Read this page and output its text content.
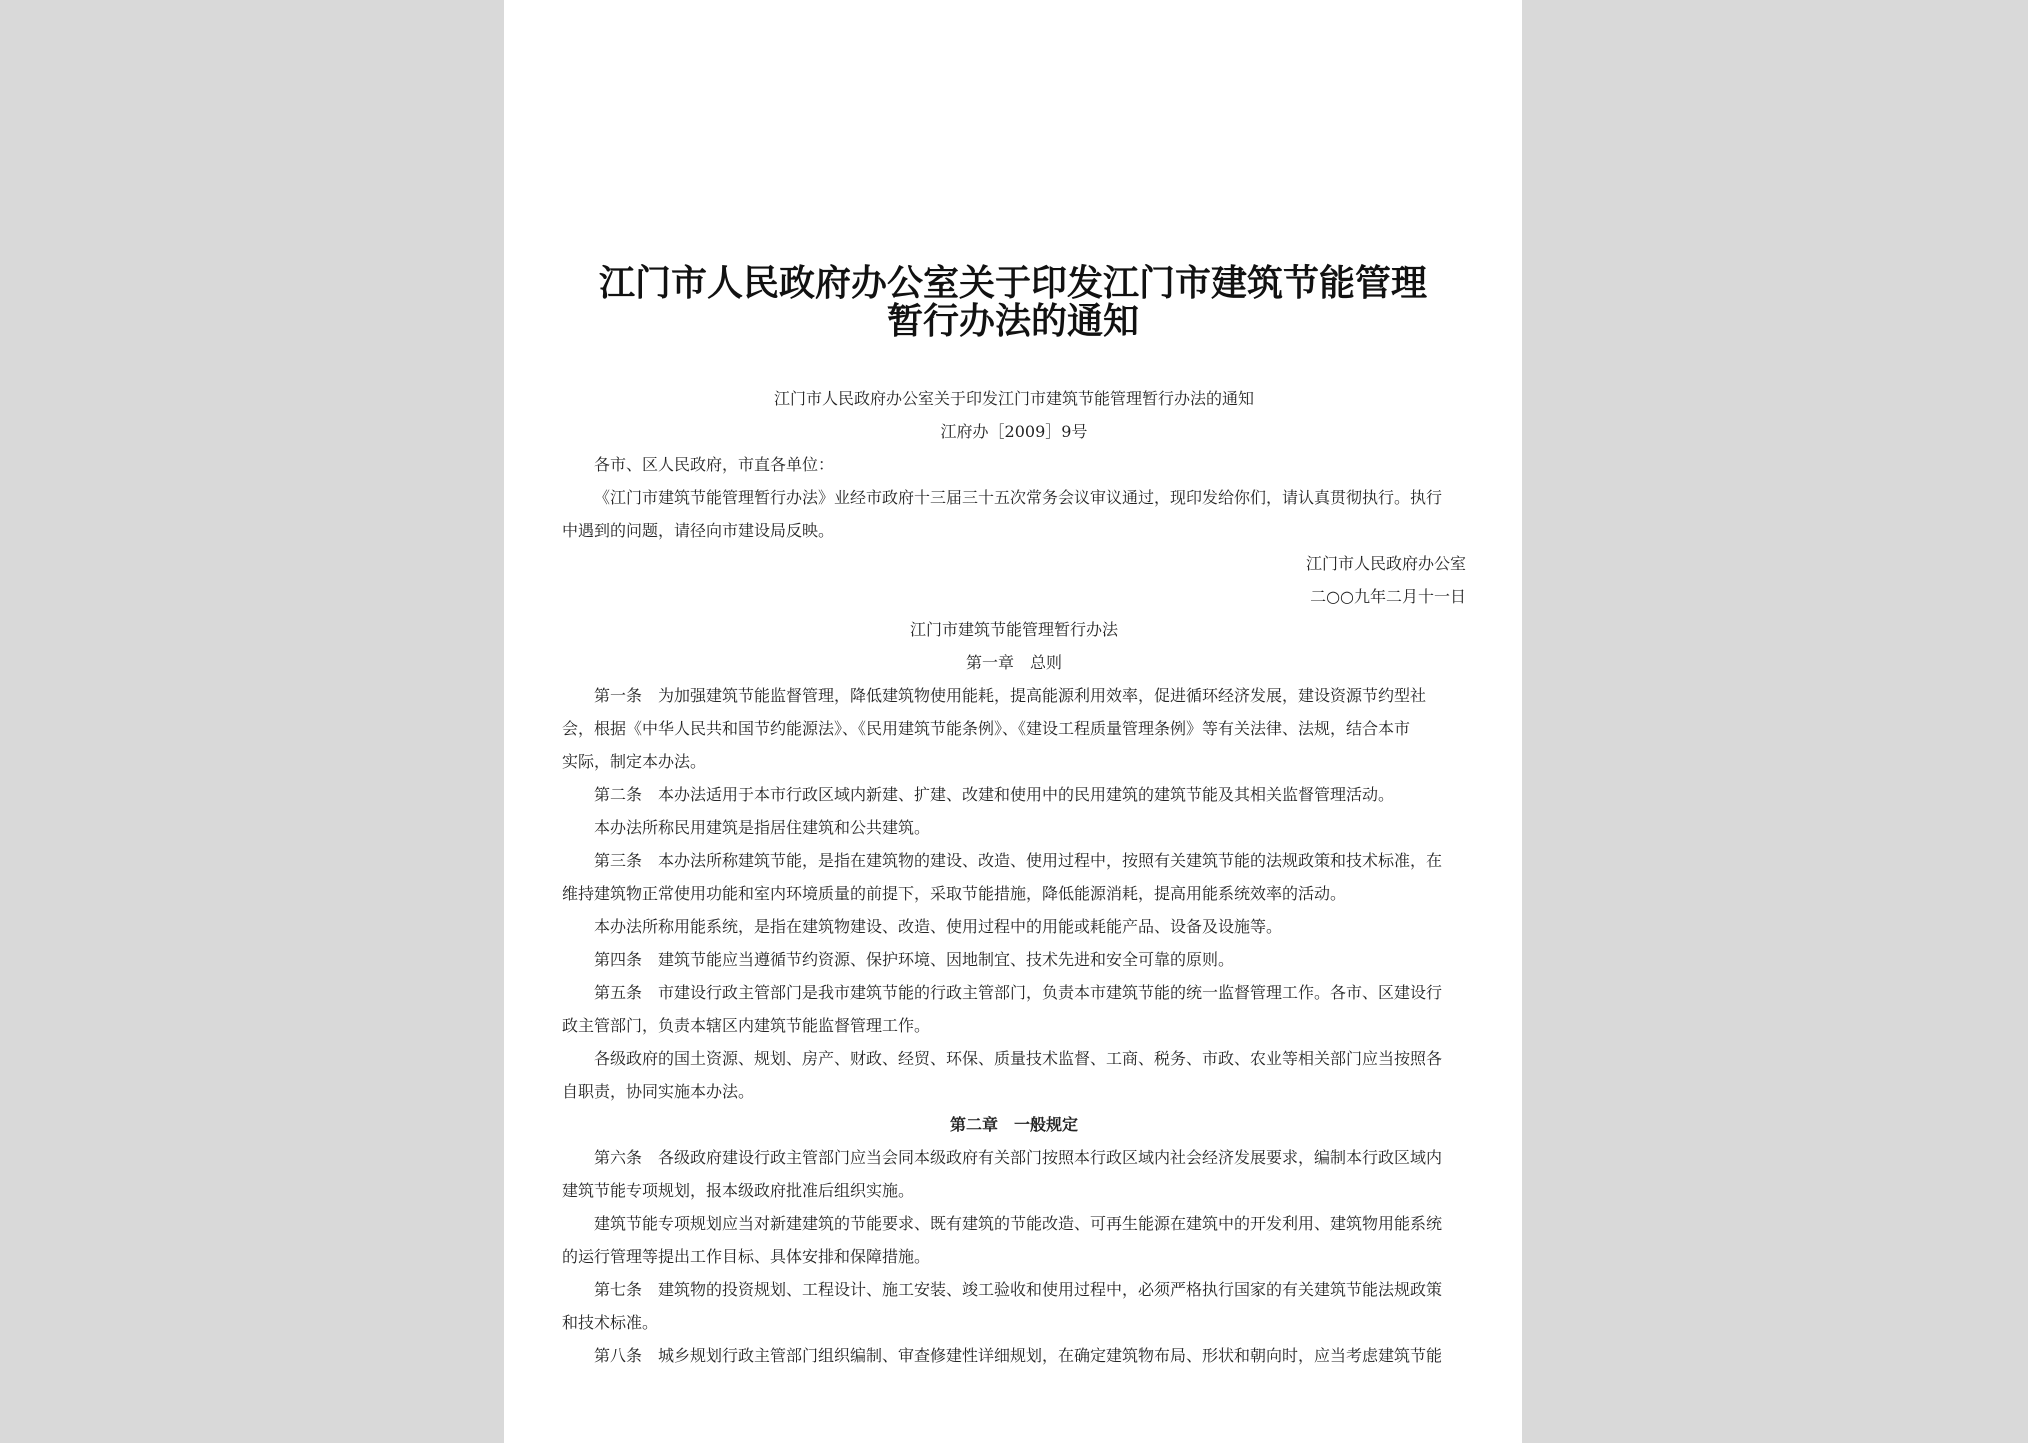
江门市人民政府办公室关于印发江门市建筑节能管理
暂行办法的通知

江门市人民政府办公室关于印发江门市建筑节能管理暂行办法的通知

江府办［2009］9号

各市、区人民政府，市直各单位：

《江门市建筑节能管理暂行办法》业经市政府十三届三十五次常务会议审议通过，现印发给你们，请认真贯彻执行。执行

中遇到的问题，请径向市建设局反映。

江门市人民政府办公室

二○○九年二月十一日

江门市建筑节能管理暂行办法

第一章　总则

第一条　为加强建筑节能监督管理，降低建筑物使用能耗，提高能源利用效率，促进循环经济发展，建设资源节约型社

会，根据《中华人民共和国节约能源法》、《民用建筑节能条例》、《建设工程质量管理条例》等有关法律、法规，结合本市

实际，制定本办法。

第二条　本办法适用于本市行政区域内新建、扩建、改建和使用中的民用建筑的建筑节能及其相关监督管理活动。

本办法所称民用建筑是指居住建筑和公共建筑。

第三条　本办法所称建筑节能，是指在建筑物的建设、改造、使用过程中，按照有关建筑节能的法规政策和技术标准，在

维持建筑物正常使用功能和室内环境质量的前提下，采取节能措施，降低能源消耗，提高用能系统效率的活动。

本办法所称用能系统，是指在建筑物建设、改造、使用过程中的用能或耗能产品、设备及设施等。

第四条　建筑节能应当遵循节约资源、保护环境、因地制宜、技术先进和安全可靠的原则。

第五条　市建设行政主管部门是我市建筑节能的行政主管部门，负责本市建筑节能的统一监督管理工作。各市、区建设行

政主管部门，负责本辖区内建筑节能监督管理工作。

各级政府的国土资源、规划、房产、财政、经贸、环保、质量技术监督、工商、税务、市政、农业等相关部门应当按照各

自职责，协同实施本办法。

第二章　一般规定

第六条　各级政府建设行政主管部门应当会同本级政府有关部门按照本行政区域内社会经济发展要求，编制本行政区域内

建筑节能专项规划，报本级政府批准后组织实施。

建筑节能专项规划应当对新建建筑的节能要求、既有建筑的节能改造、可再生能源在建筑中的开发利用、建筑物用能系统

的运行管理等提出工作目标、具体安排和保障措施。

第七条　建筑物的投资规划、工程设计、施工安装、竣工验收和使用过程中，必须严格执行国家的有关建筑节能法规政策

和技术标准。

第八条　城乡规划行政主管部门组织编制、审查修建性详细规划，在确定建筑物布局、形状和朝向时，应当考虑建筑节能
